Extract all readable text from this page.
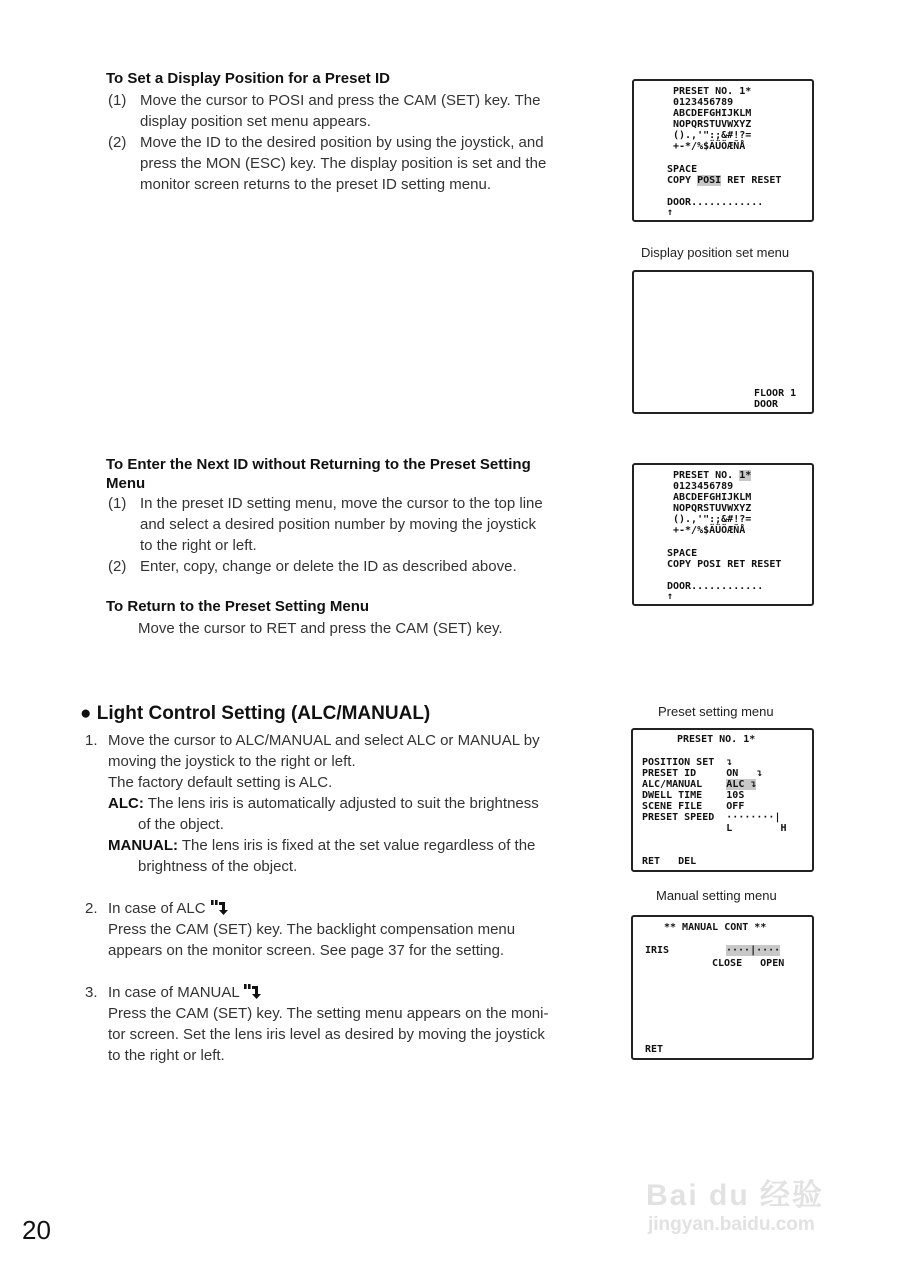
To Set a Display Position for a Preset ID
(1) Move the cursor to POSI and press the CAM (SET) key. The
display position set menu appears.
(2) Move the ID to the desired position by using the joystick, and
press the MON (ESC) key. The display position is set and the
monitor screen returns to the preset ID setting menu.
PRESET NO. 1*
0123456789
ABCDEFGHIJKLM
NOPQRSTUVWXYZ
().,'":;&#!?=
+-*/%$ÄÜÖÆÑÅ
SPACE
COPY POSI RET RESET
DOOR............
↑
Display position set menu
FLOOR 1
DOOR
To Enter the Next ID without Returning to the Preset Setting
Menu
(1) In the preset ID setting menu, move the cursor to the top line
and select a desired position number by moving the joystick
to the right or left.
(2) Enter, copy, change or delete the ID as described above.
PRESET NO. 1*
0123456789
ABCDEFGHIJKLM
NOPQRSTUVWXYZ
().,'":;&#!?=
+-*/%$ÄÜÖÆÑÅ
SPACE
COPY POSI RET RESET
DOOR............
↑
To Return to the Preset Setting Menu
Move the cursor to RET and press the CAM (SET) key.
● Light Control Setting (ALC/MANUAL)
1. Move the cursor to ALC/MANUAL and select ALC or MANUAL by
moving the joystick to the right or left.
The factory default setting is ALC.
ALC: The lens iris is automatically adjusted to suit the brightness
of the object.
MANUAL: The lens iris is fixed at the set value regardless of the
brightness of the object.
2. In case of ALC
Press the CAM (SET) key. The backlight compensation menu
appears on the monitor screen. See page 37 for the setting.
3. In case of MANUAL
Press the CAM (SET) key. The setting menu appears on the moni-
tor screen. Set the lens iris level as desired by moving the joystick
to the right or left.
Preset setting menu
PRESET NO. 1*
POSITION SET  ↴
PRESET ID     ON   ↴
ALC/MANUAL    ALC ↴
DWELL TIME    10S
SCENE FILE    OFF
PRESET SPEED  ········|
L        H
RET   DEL
Manual setting menu
** MANUAL CONT **
IRIS	····|····
CLOSE   OPEN
RET
20
Bai du 经验
jingyan.baidu.com
